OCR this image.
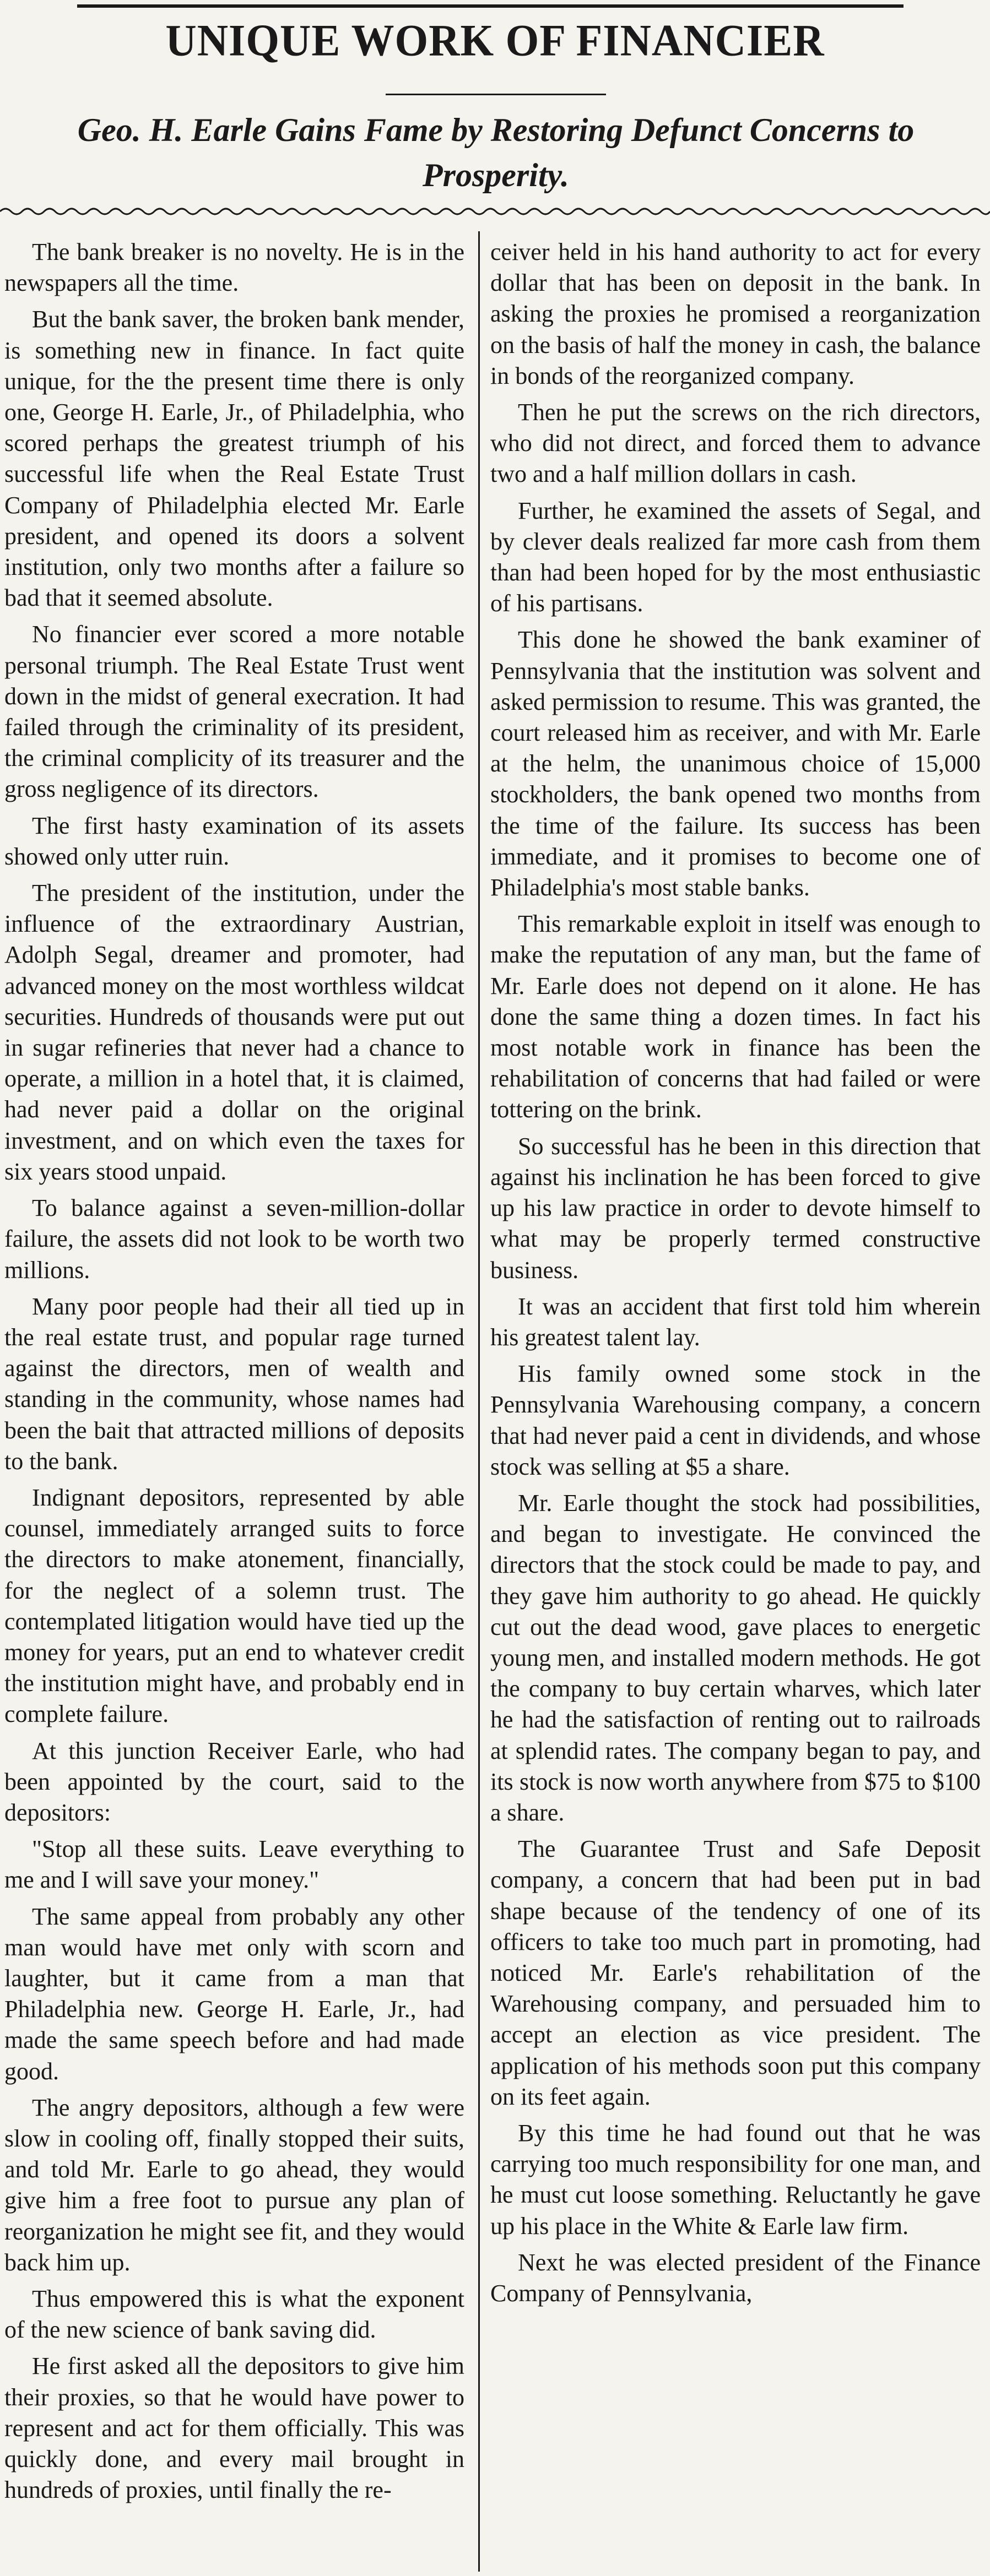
UNIQUE WORK OF FINANCIER
Geo. H. Earle Gains Fame by Restoring Defunct Concerns to Prosperity.

The bank breaker is no novelty. He is in the newspapers all the time.

But the bank saver, the broken bank mender, is something new in finance. In fact quite unique, for the the present time there is only one, George H. Earle, Jr., of Philadelphia, who scored perhaps the greatest triumph of his successful life when the Real Estate Trust Company of Philadelphia elected Mr. Earle president, and opened its doors a solvent institution, only two months after a failure so bad that it seemed absolute.

No financier ever scored a more notable personal triumph. The Real Estate Trust went down in the midst of general execration. It had failed through the criminality of its president, the criminal complicity of its treasurer and the gross negligence of its directors.

The first hasty examination of its assets showed only utter ruin.

The president of the institution, under the influence of the extraordinary Austrian, Adolph Segal, dreamer and promoter, had advanced money on the most worthless wildcat securities. Hundreds of thousands were put out in sugar refineries that never had a chance to operate, a million in a hotel that, it is claimed, had never paid a dollar on the original investment, and on which even the taxes for six years stood unpaid.

To balance against a seven-million-dollar failure, the assets did not look to be worth two millions.

Many poor people had their all tied up in the real estate trust, and popular rage turned against the directors, men of wealth and standing in the community, whose names had been the bait that attracted millions of deposits to the bank.

Indignant depositors, represented by able counsel, immediately arranged suits to force the directors to make atonement, financially, for the neglect of a solemn trust. The contemplated litigation would have tied up the money for years, put an end to whatever credit the institution might have, and probably end in complete failure.

At this junction Receiver Earle, who had been appointed by the court, said to the depositors:

"Stop all these suits. Leave everything to me and I will save your money."

The same appeal from probably any other man would have met only with scorn and laughter, but it came from a man that Philadelphia new. George H. Earle, Jr., had made the same speech before and had made good.

The angry depositors, although a few were slow in cooling off, finally stopped their suits, and told Mr. Earle to go ahead, they would give him a free foot to pursue any plan of reorganization he might see fit, and they would back him up.

Thus empowered this is what the exponent of the new science of bank saving did.

He first asked all the depositors to give him their proxies, so that he would have power to represent and act for them officially. This was quickly done, and every mail brought in hundreds of proxies, until finally the re-

ceiver held in his hand authority to act for every dollar that has been on deposit in the bank. In asking the proxies he promised a reorganization on the basis of half the money in cash, the balance in bonds of the reorganized company.

Then he put the screws on the rich directors, who did not direct, and forced them to advance two and a half million dollars in cash.

Further, he examined the assets of Segal, and by clever deals realized far more cash from them than had been hoped for by the most enthusiastic of his partisans.

This done he showed the bank examiner of Pennsylvania that the institution was solvent and asked permission to resume. This was granted, the court released him as receiver, and with Mr. Earle at the helm, the unanimous choice of 15,000 stockholders, the bank opened two months from the time of the failure. Its success has been immediate, and it promises to become one of Philadelphia's most stable banks.

This remarkable exploit in itself was enough to make the reputation of any man, but the fame of Mr. Earle does not depend on it alone. He has done the same thing a dozen times. In fact his most notable work in finance has been the rehabilitation of concerns that had failed or were tottering on the brink.

So successful has he been in this direction that against his inclination he has been forced to give up his law practice in order to devote himself to what may be properly termed constructive business.

It was an accident that first told him wherein his greatest talent lay.

His family owned some stock in the Pennsylvania Warehousing company, a concern that had never paid a cent in dividends, and whose stock was selling at $5 a share.

Mr. Earle thought the stock had possibilities, and began to investigate. He convinced the directors that the stock could be made to pay, and they gave him authority to go ahead. He quickly cut out the dead wood, gave places to energetic young men, and installed modern methods. He got the company to buy certain wharves, which later he had the satisfaction of renting out to railroads at splendid rates. The company began to pay, and its stock is now worth anywhere from $75 to $100 a share.

The Guarantee Trust and Safe Deposit company, a concern that had been put in bad shape because of the tendency of one of its officers to take too much part in promoting, had noticed Mr. Earle's rehabilitation of the Warehousing company, and persuaded him to accept an election as vice president. The application of his methods soon put this company on its feet again.

By this time he had found out that he was carrying too much responsibility for one man, and he must cut loose something. Reluctantly he gave up his place in the White & Earle law firm.

Next he was elected president of the Finance Company of Pennsylvania,
